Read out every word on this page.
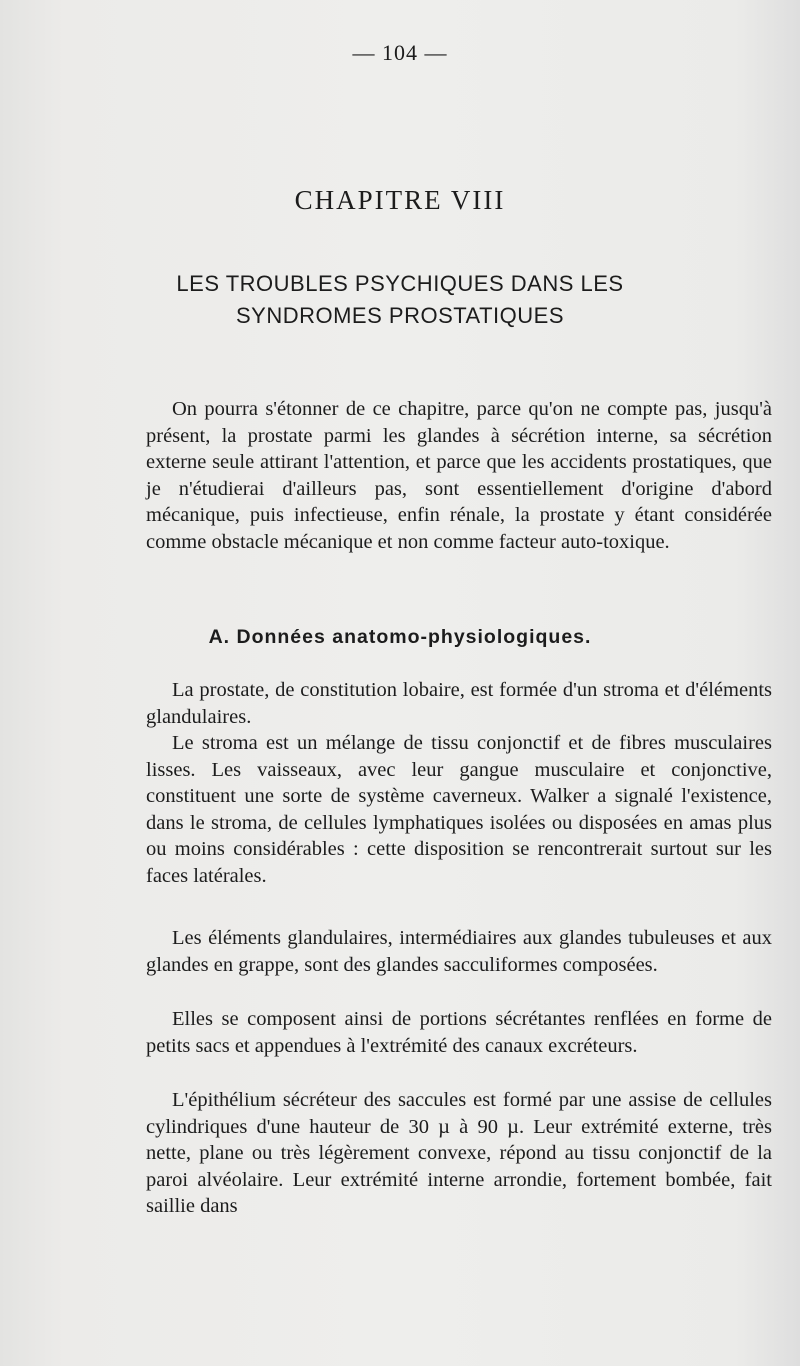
— 104 —
CHAPITRE VIII
LES TROUBLES PSYCHIQUES DANS LES
SYNDROMES PROSTATIQUES

On pourra s'étonner de ce chapitre, parce qu'on ne compte pas, jusqu'à présent, la prostate parmi les glandes à sécrétion interne, sa sécrétion externe seule attirant l'attention, et parce que les accidents prostatiques, que je n'étudierai d'ailleurs pas, sont essentiellement d'origine d'abord mécanique, puis infectieuse, enfin rénale, la prostate y étant considérée comme obstacle mécanique et non comme facteur auto-toxique.

A. Données anatomo-physiologiques.

La prostate, de constitution lobaire, est formée d'un stroma et d'éléments glandulaires.

Le stroma est un mélange de tissu conjonctif et de fibres musculaires lisses. Les vaisseaux, avec leur gangue musculaire et conjonctive, constituent une sorte de système caverneux. Walker a signalé l'existence, dans le stroma, de cellules lymphatiques isolées ou disposées en amas plus ou moins considérables : cette disposition se rencontrerait surtout sur les faces latérales.

Les éléments glandulaires, intermédiaires aux glandes tubuleuses et aux glandes en grappe, sont des glandes sacculiformes composées.

Elles se composent ainsi de portions sécrétantes renflées en forme de petits sacs et appendues à l'extrémité des canaux excréteurs.

L'épithélium sécréteur des saccules est formé par une assise de cellules cylindriques d'une hauteur de 30 µ à 90 µ. Leur extrémité externe, très nette, plane ou très légèrement convexe, répond au tissu conjonctif de la paroi alvéolaire. Leur extrémité interne arrondie, fortement bombée, fait saillie dans
